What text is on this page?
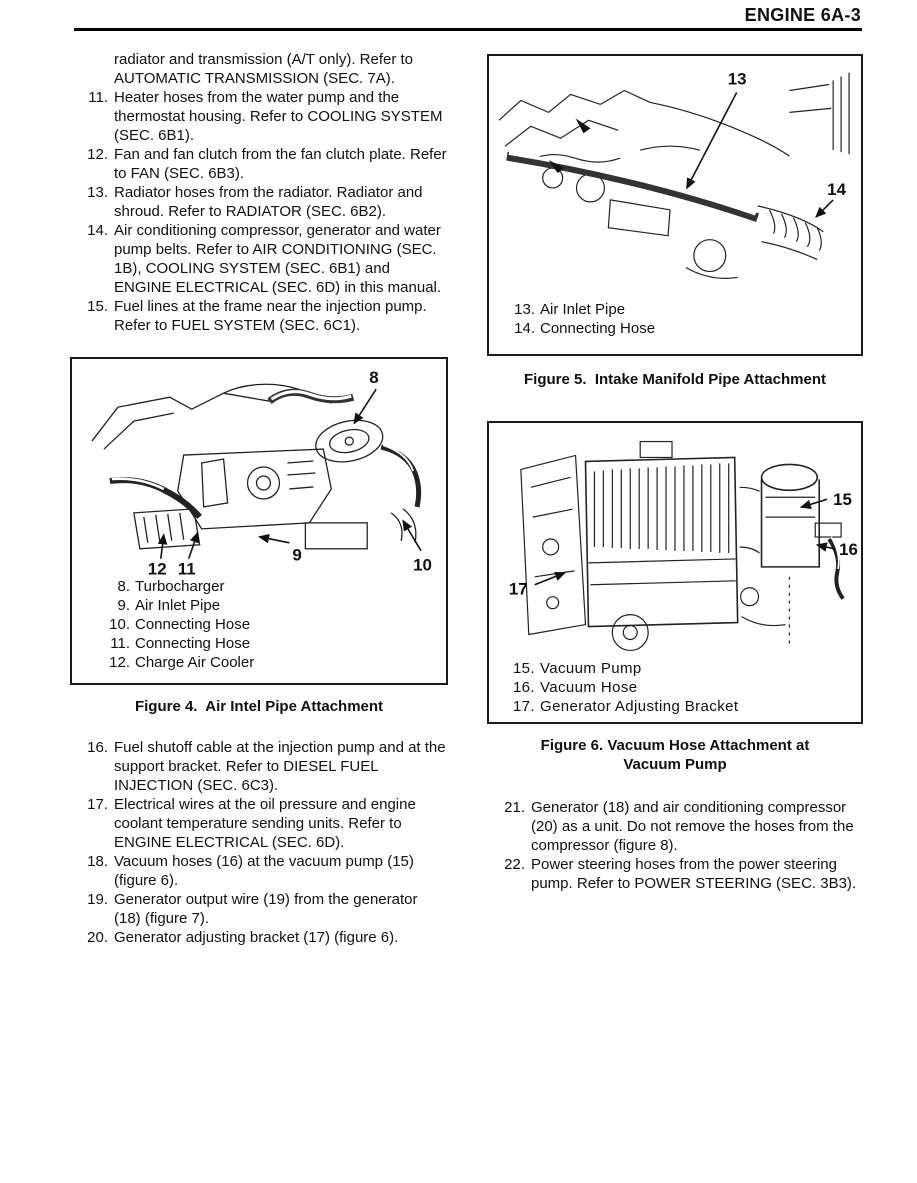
ENGINE 6A-3

radiator and transmission (A/T only). Refer to AUTOMATIC TRANSMISSION (SEC. 7A).

11. Heater hoses from the water pump and the thermostat housing. Refer to COOLING SYSTEM (SEC. 6B1).
12. Fan and fan clutch from the fan clutch plate. Refer to FAN (SEC. 6B3).
13. Radiator hoses from the radiator. Radiator and shroud. Refer to RADIATOR (SEC. 6B2).
14. Air conditioning compressor, generator and water pump belts. Refer to AIR CONDITIONING (SEC. 1B), COOLING SYSTEM (SEC. 6B1) and ENGINE ELECTRICAL (SEC. 6D) in this manual.
15. Fuel lines at the frame near the injection pump. Refer to FUEL SYSTEM (SEC. 6C1).
8
9
10
11
12
8. Turbocharger
9. Air Inlet Pipe
10. Connecting Hose
11. Connecting Hose
12. Charge Air Cooler
Figure 4.  Air Intel Pipe Attachment
16. Fuel shutoff cable at the injection pump and at the support bracket. Refer to DIESEL FUEL INJECTION (SEC. 6C3).
17. Electrical wires at the oil pressure and engine coolant temperature sending units. Refer to ENGINE ELECTRICAL (SEC. 6D).
18. Vacuum hoses (16) at the vacuum pump (15) (figure 6).
19. Generator output wire (19) from the generator (18) (figure 7).
20. Generator adjusting bracket (17) (figure 6).
13
14
13. Air Inlet Pipe
14. Connecting Hose
Figure 5.  Intake Manifold Pipe Attachment
15
16
17
15. Vacuum Pump
16. Vacuum Hose
17. Generator Adjusting Bracket
Figure 6. Vacuum Hose Attachment at Vacuum Pump
21. Generator (18) and air conditioning compressor (20) as a unit. Do not remove the hoses from the compressor (figure 8).
22. Power steering hoses from the power steering pump. Refer to POWER STEERING (SEC. 3B3).
